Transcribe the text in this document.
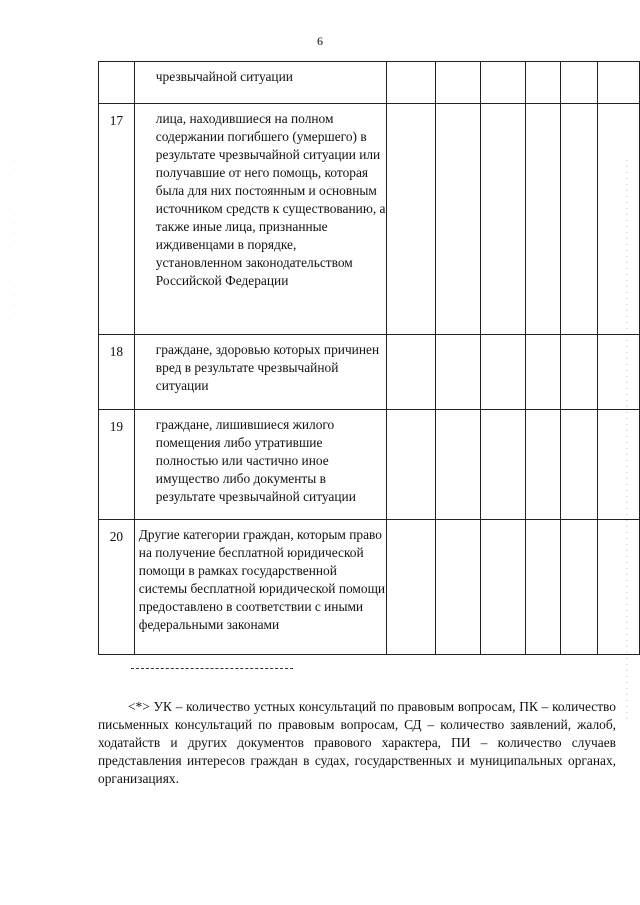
6
	чрезвычайной ситуации						
17	лица, находившиеся на полном содержании погибшего (умершего) в результате чрезвычайной ситуации или получавшие от него помощь, которая была для них постоянным и основным источником средств к существованию, а также иные лица, признанные иждивенцами в порядке, установленном законодательством Российской Федерации						
18	граждане, здоровью которых причинен вред в результате чрезвычайной ситуации						
19	граждане, лишившиеся жилого помещения либо утратившие полностью или частично иное имущество либо документы в результате чрезвычайной ситуации						
20	Другие категории граждан, которым право на получение бесплатной юридической помощи в рамках государственной системы бесплатной юридической помощи предоставлено в соответствии с иными федеральными законами						

<*> УК – количество устных консультаций по правовым вопросам, ПК – количество письменных консультаций по правовым вопросам, СД – количество заявлений, жалоб, ходатайств и других документов правового характера, ПИ – количество случаев представления интересов граждан в судах, государственных и муниципальных органах, организациях.
